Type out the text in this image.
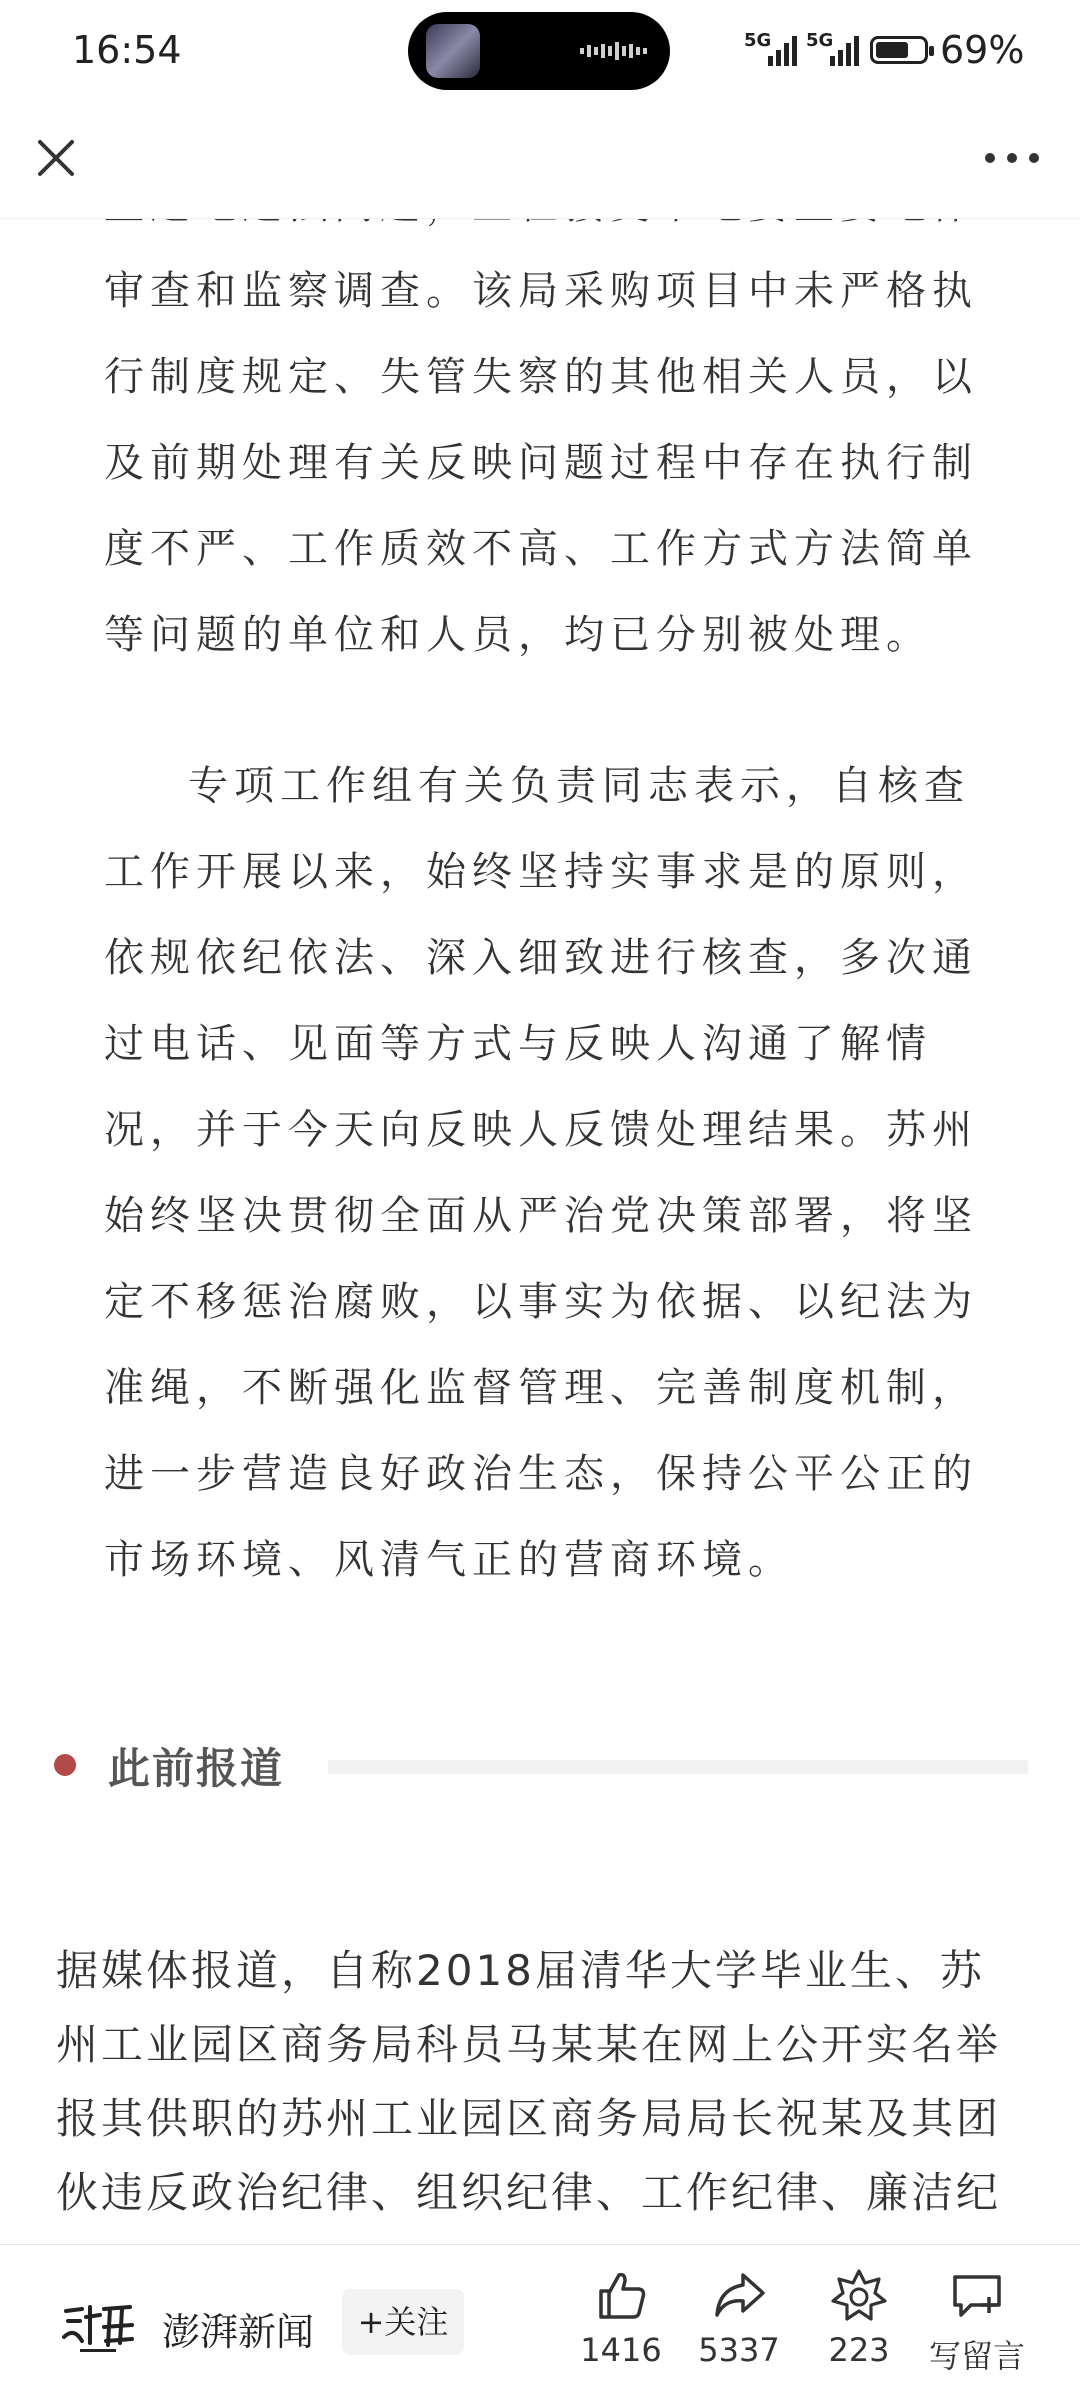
16:54	5G 5G	69%

审查和监察调查。该局采购项目中未严格执行制度规定、失管失察的其他相关人员，以及前期处理有关反映问题过程中存在执行制度不严、工作质效不高、工作方式方法简单等问题的单位和人员，均已分别被处理。

专项工作组有关负责同志表示，自核查工作开展以来，始终坚持实事求是的原则，依规依纪依法、深入细致进行核查，多次通过电话、见面等方式与反映人沟通了解情况，并于今天向反映人反馈处理结果。苏州始终坚决贯彻全面从严治党决策部署，将坚定不移惩治腐败，以事实为依据、以纪法为准绳，不断强化监督管理、完善制度机制，进一步营造良好政治生态，保持公平公正的市场环境、风清气正的营商环境。

此前报道

据媒体报道，自称2018届清华大学毕业生、苏州工业园区商务局科员马某某在网上公开实名举报其供职的苏州工业园区商务局局长祝某及其团伙违反政治纪律、组织纪律、工作纪律、廉洁纪

澎湃新闻	+关注
1416	5337	223	写留言
